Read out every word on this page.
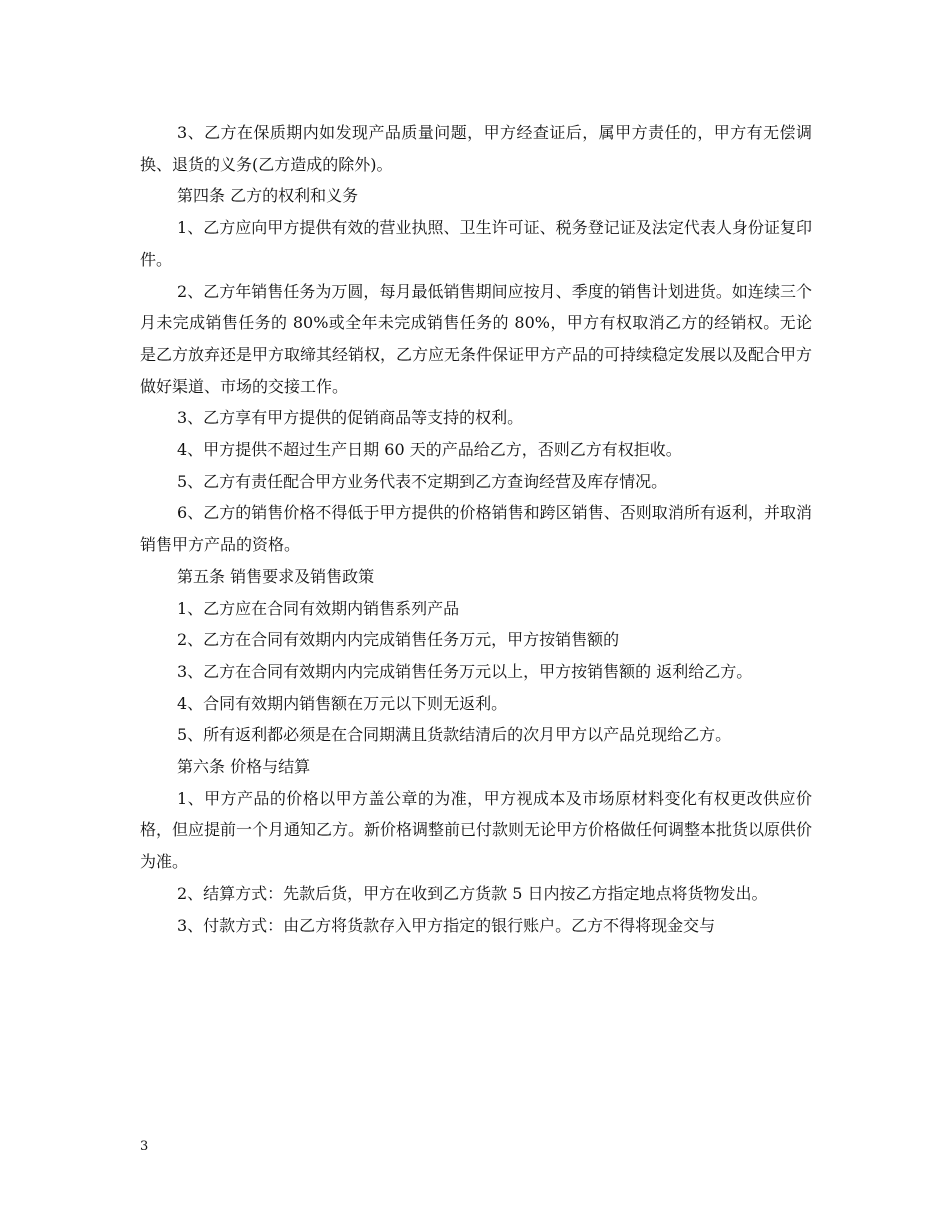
3、乙方在保质期内如发现产品质量问题，甲方经查证后，属甲方责任的，甲方有无偿调换、退货的义务(乙方造成的除外)。

第四条 乙方的权利和义务

1、乙方应向甲方提供有效的营业执照、卫生许可证、税务登记证及法定代表人身份证复印件。

2、乙方年销售任务为万圆，每月最低销售期间应按月、季度的销售计划进货。如连续三个月未完成销售任务的 80%或全年未完成销售任务的 80%，甲方有权取消乙方的经销权。无论是乙方放弃还是甲方取缔其经销权，乙方应无条件保证甲方产品的可持续稳定发展以及配合甲方做好渠道、市场的交接工作。

3、乙方享有甲方提供的促销商品等支持的权利。

4、甲方提供不超过生产日期 60 天的产品给乙方，否则乙方有权拒收。

5、乙方有责任配合甲方业务代表不定期到乙方查询经营及库存情况。

6、乙方的销售价格不得低于甲方提供的价格销售和跨区销售、否则取消所有返利，并取消销售甲方产品的资格。

第五条 销售要求及销售政策

1、乙方应在合同有效期内销售系列产品

2、乙方在合同有效期内内完成销售任务万元，甲方按销售额的

3、乙方在合同有效期内内完成销售任务万元以上，甲方按销售额的 返利给乙方。

4、合同有效期内销售额在万元以下则无返利。

5、所有返利都必须是在合同期满且货款结清后的次月甲方以产品兑现给乙方。

第六条 价格与结算

1、甲方产品的价格以甲方盖公章的为准，甲方视成本及市场原材料变化有权更改供应价格，但应提前一个月通知乙方。新价格调整前已付款则无论甲方价格做任何调整本批货以原供价为准。

2、结算方式：先款后货，甲方在收到乙方货款 5 日内按乙方指定地点将货物发出。

3、付款方式：由乙方将货款存入甲方指定的银行账户。乙方不得将现金交与

3
